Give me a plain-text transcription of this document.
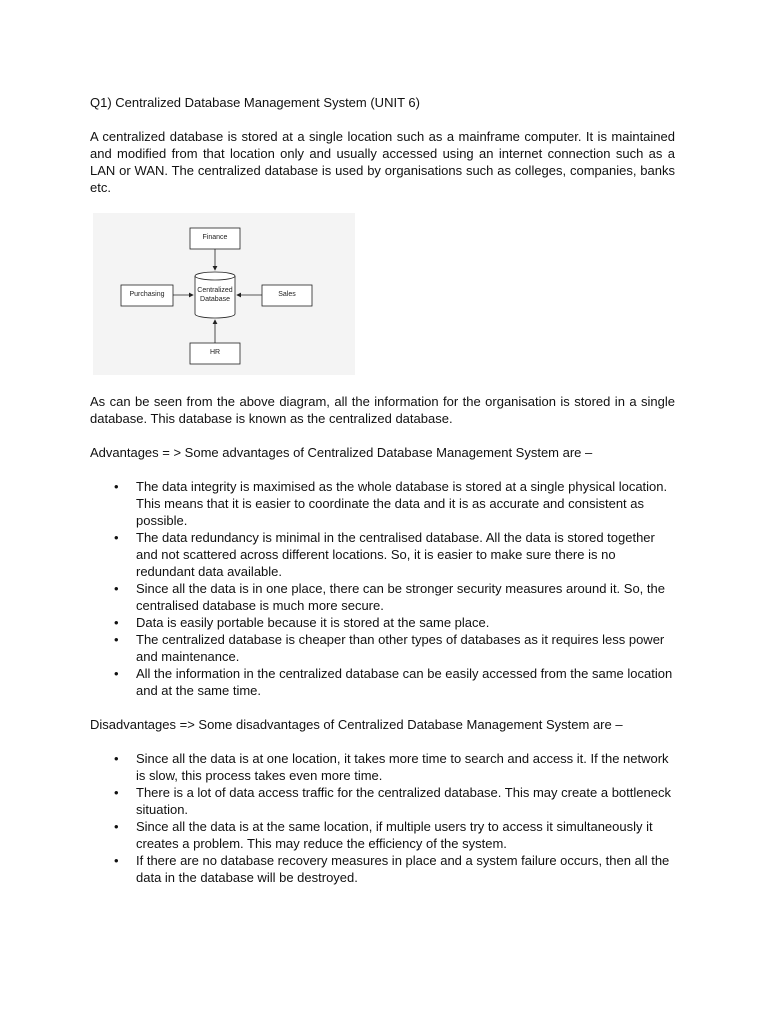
Q1) Centralized Database Management System (UNIT 6)

A centralized database is stored at a single location such as a mainframe computer. It is maintained and modified from that location only and usually accessed using an internet connection such as a LAN or WAN. The centralized database is used by organisations such as colleges, companies, banks etc.

Finance
Purchasing
Centralized
Database
Sales
HR

As can be seen from the above diagram, all the information for the organisation is stored in a single database. This database is known as the centralized database.

Advantages = > Some advantages of Centralized Database Management System are –

• The data integrity is maximised as the whole database is stored at a single physical location. This means that it is easier to coordinate the data and it is as accurate and consistent as possible.
• The data redundancy is minimal in the centralised database. All the data is stored together and not scattered across different locations. So, it is easier to make sure there is no redundant data available.
• Since all the data is in one place, there can be stronger security measures around it. So, the centralised database is much more secure.
• Data is easily portable because it is stored at the same place.
• The centralized database is cheaper than other types of databases as it requires less power and maintenance.
• All the information in the centralized database can be easily accessed from the same location and at the same time.

Disadvantages => Some disadvantages of Centralized Database Management System are –

• Since all the data is at one location, it takes more time to search and access it. If the network is slow, this process takes even more time.
• There is a lot of data access traffic for the centralized database. This may create a bottleneck situation.
• Since all the data is at the same location, if multiple users try to access it simultaneously it creates a problem. This may reduce the efficiency of the system.
• If there are no database recovery measures in place and a system failure occurs, then all the data in the database will be destroyed.
